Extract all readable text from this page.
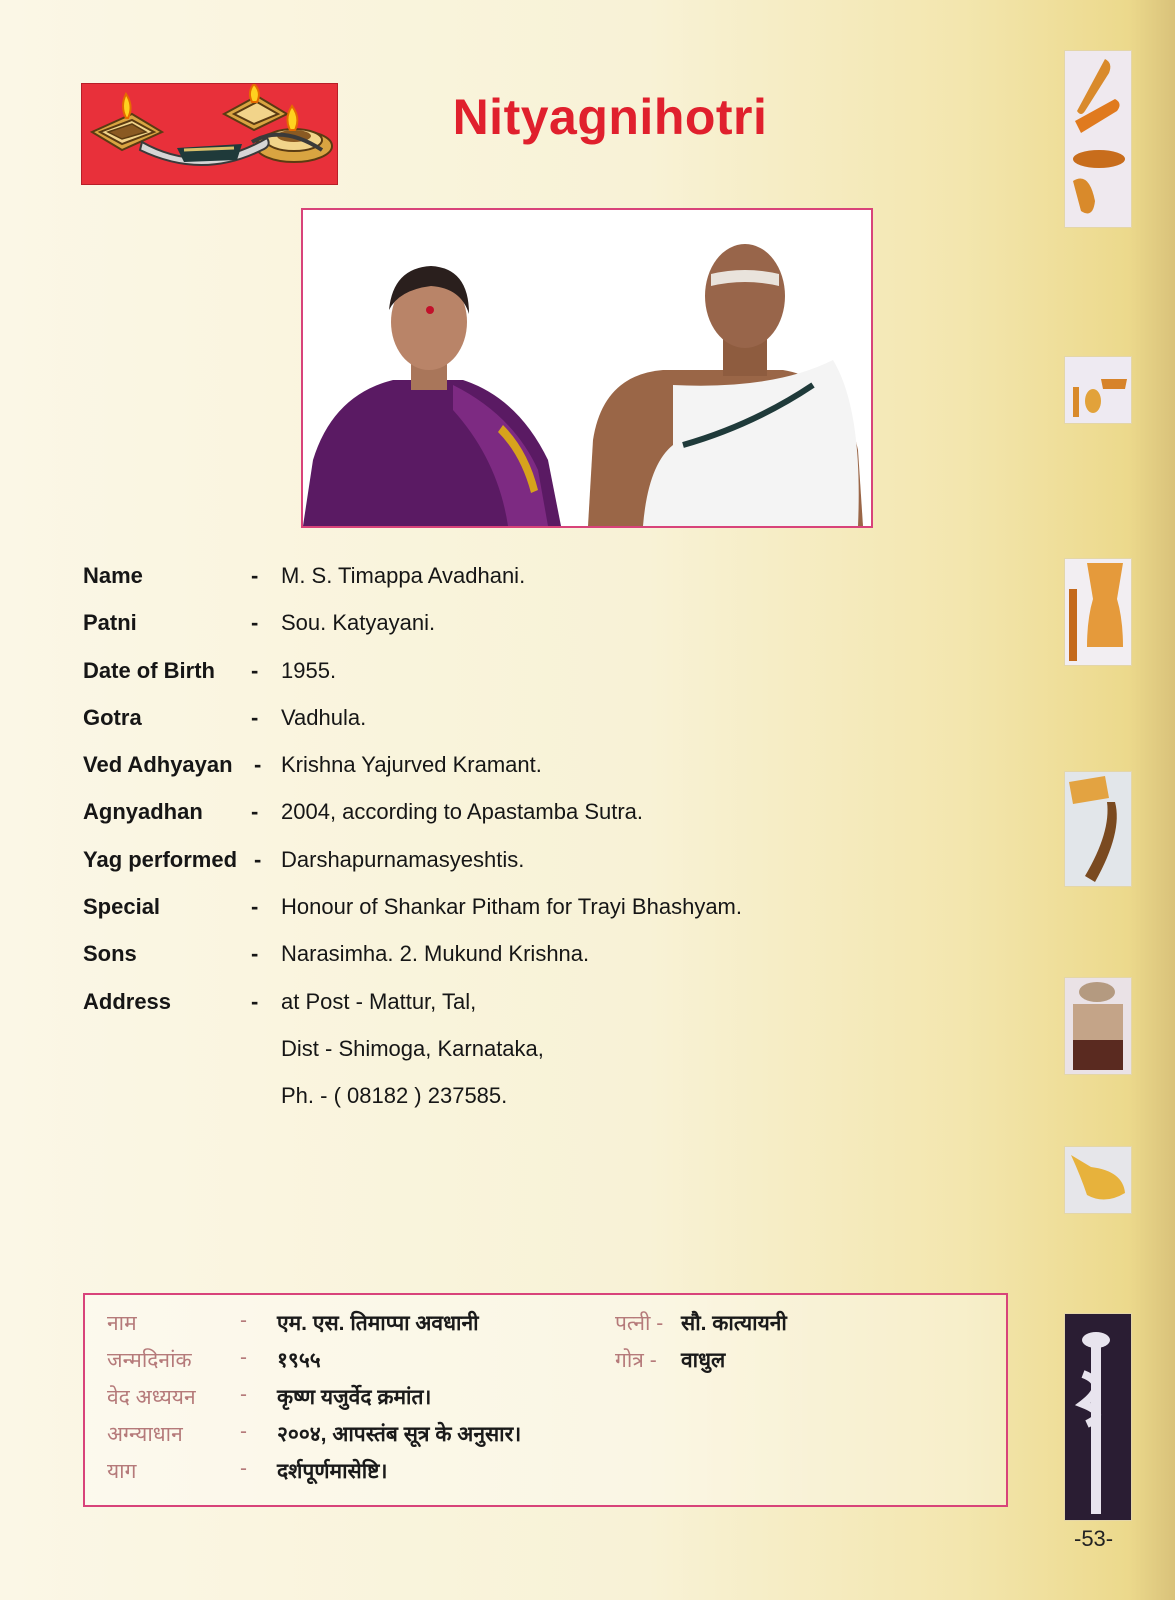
Nityagnihotri
Name	- M. S. Timappa Avadhani.
Patni	- Sou. Katyayani.
Date of Birth - 1955.
Gotra	- Vadhula.
Ved Adhyayan - Krishna Yajurved Kramant.
Agnyadhan - 2004, according to Apastamba Sutra.
Yag performed - Darshapurnamasyeshtis.
Special	- Honour of Shankar Pitham for Trayi Bhashyam.
Sons	- Narasimha. 2. Mukund Krishna.
Address	- at Post - Mattur, Tal,
Dist - Shimoga, Karnataka,
Ph. - ( 08182 ) 237585.
नाम	- एम. एस. तिमाप्पा अवधानी	पत्नी - सौ. कात्यायनी
जन्मदिनांक - १९५५	गोत्र - वाधुल
वेद अध्ययन - कृष्ण यजुर्वेद क्रमांत।
अग्न्याधान	- २००४, आपस्तंब सूत्र के अनुसार।
याग	- दर्शपूर्णमासेष्टि।
-53-
